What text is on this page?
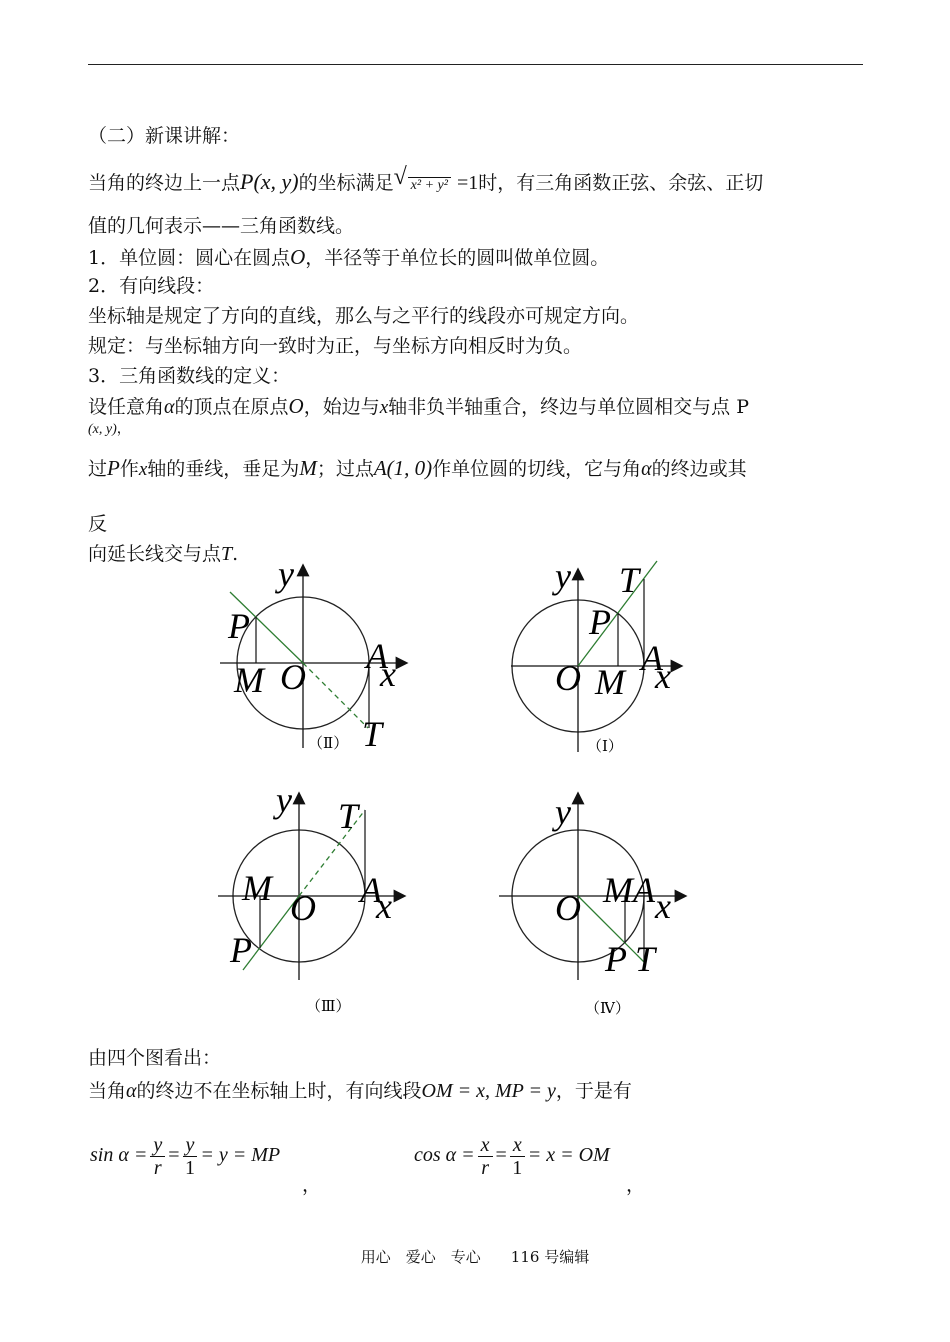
（二）新课讲解：
当角的终边上一点P(x, y)的坐标满足 √ x² + y² =1时，有三角函数正弦、余弦、正切
值的几何表示——三角函数线。
1．单位圆：圆心在圆点O，半径等于单位长的圆叫做单位圆。
2．有向线段：
坐标轴是规定了方向的直线，那么与之平行的线段亦可规定方向。
规定：与坐标轴方向一致时为正，与坐标方向相反时为负。
3．三角函数线的定义：
设任意角α的顶点在原点O，始边与x轴非负半轴重合，终边与单位圆相交与点 P
(x, y)，
过P作x轴的垂线，垂足为M；过点A(1, 0)作单位圆的切线，它与角α的终边或其
反
向延长线交与点T. y
P
M O
A
x
T
（Ⅱ）
y T
P
O M
A
x
（Ⅰ）
y T
M O A
x
P
（Ⅲ）
y
O M A x
P T
（Ⅳ）
由四个图看出：
当角α的终边不在坐标轴上时，有向线段OM = x, MP = y，于是有
$\sin \alpha = \frac{y}{r} = \frac{y}{1} = y$ = MP
，
$\cos \alpha = \frac{x}{r} = \frac{x}{1} = x$ = OM
，
用心　爱心　专心　　116 号编辑
